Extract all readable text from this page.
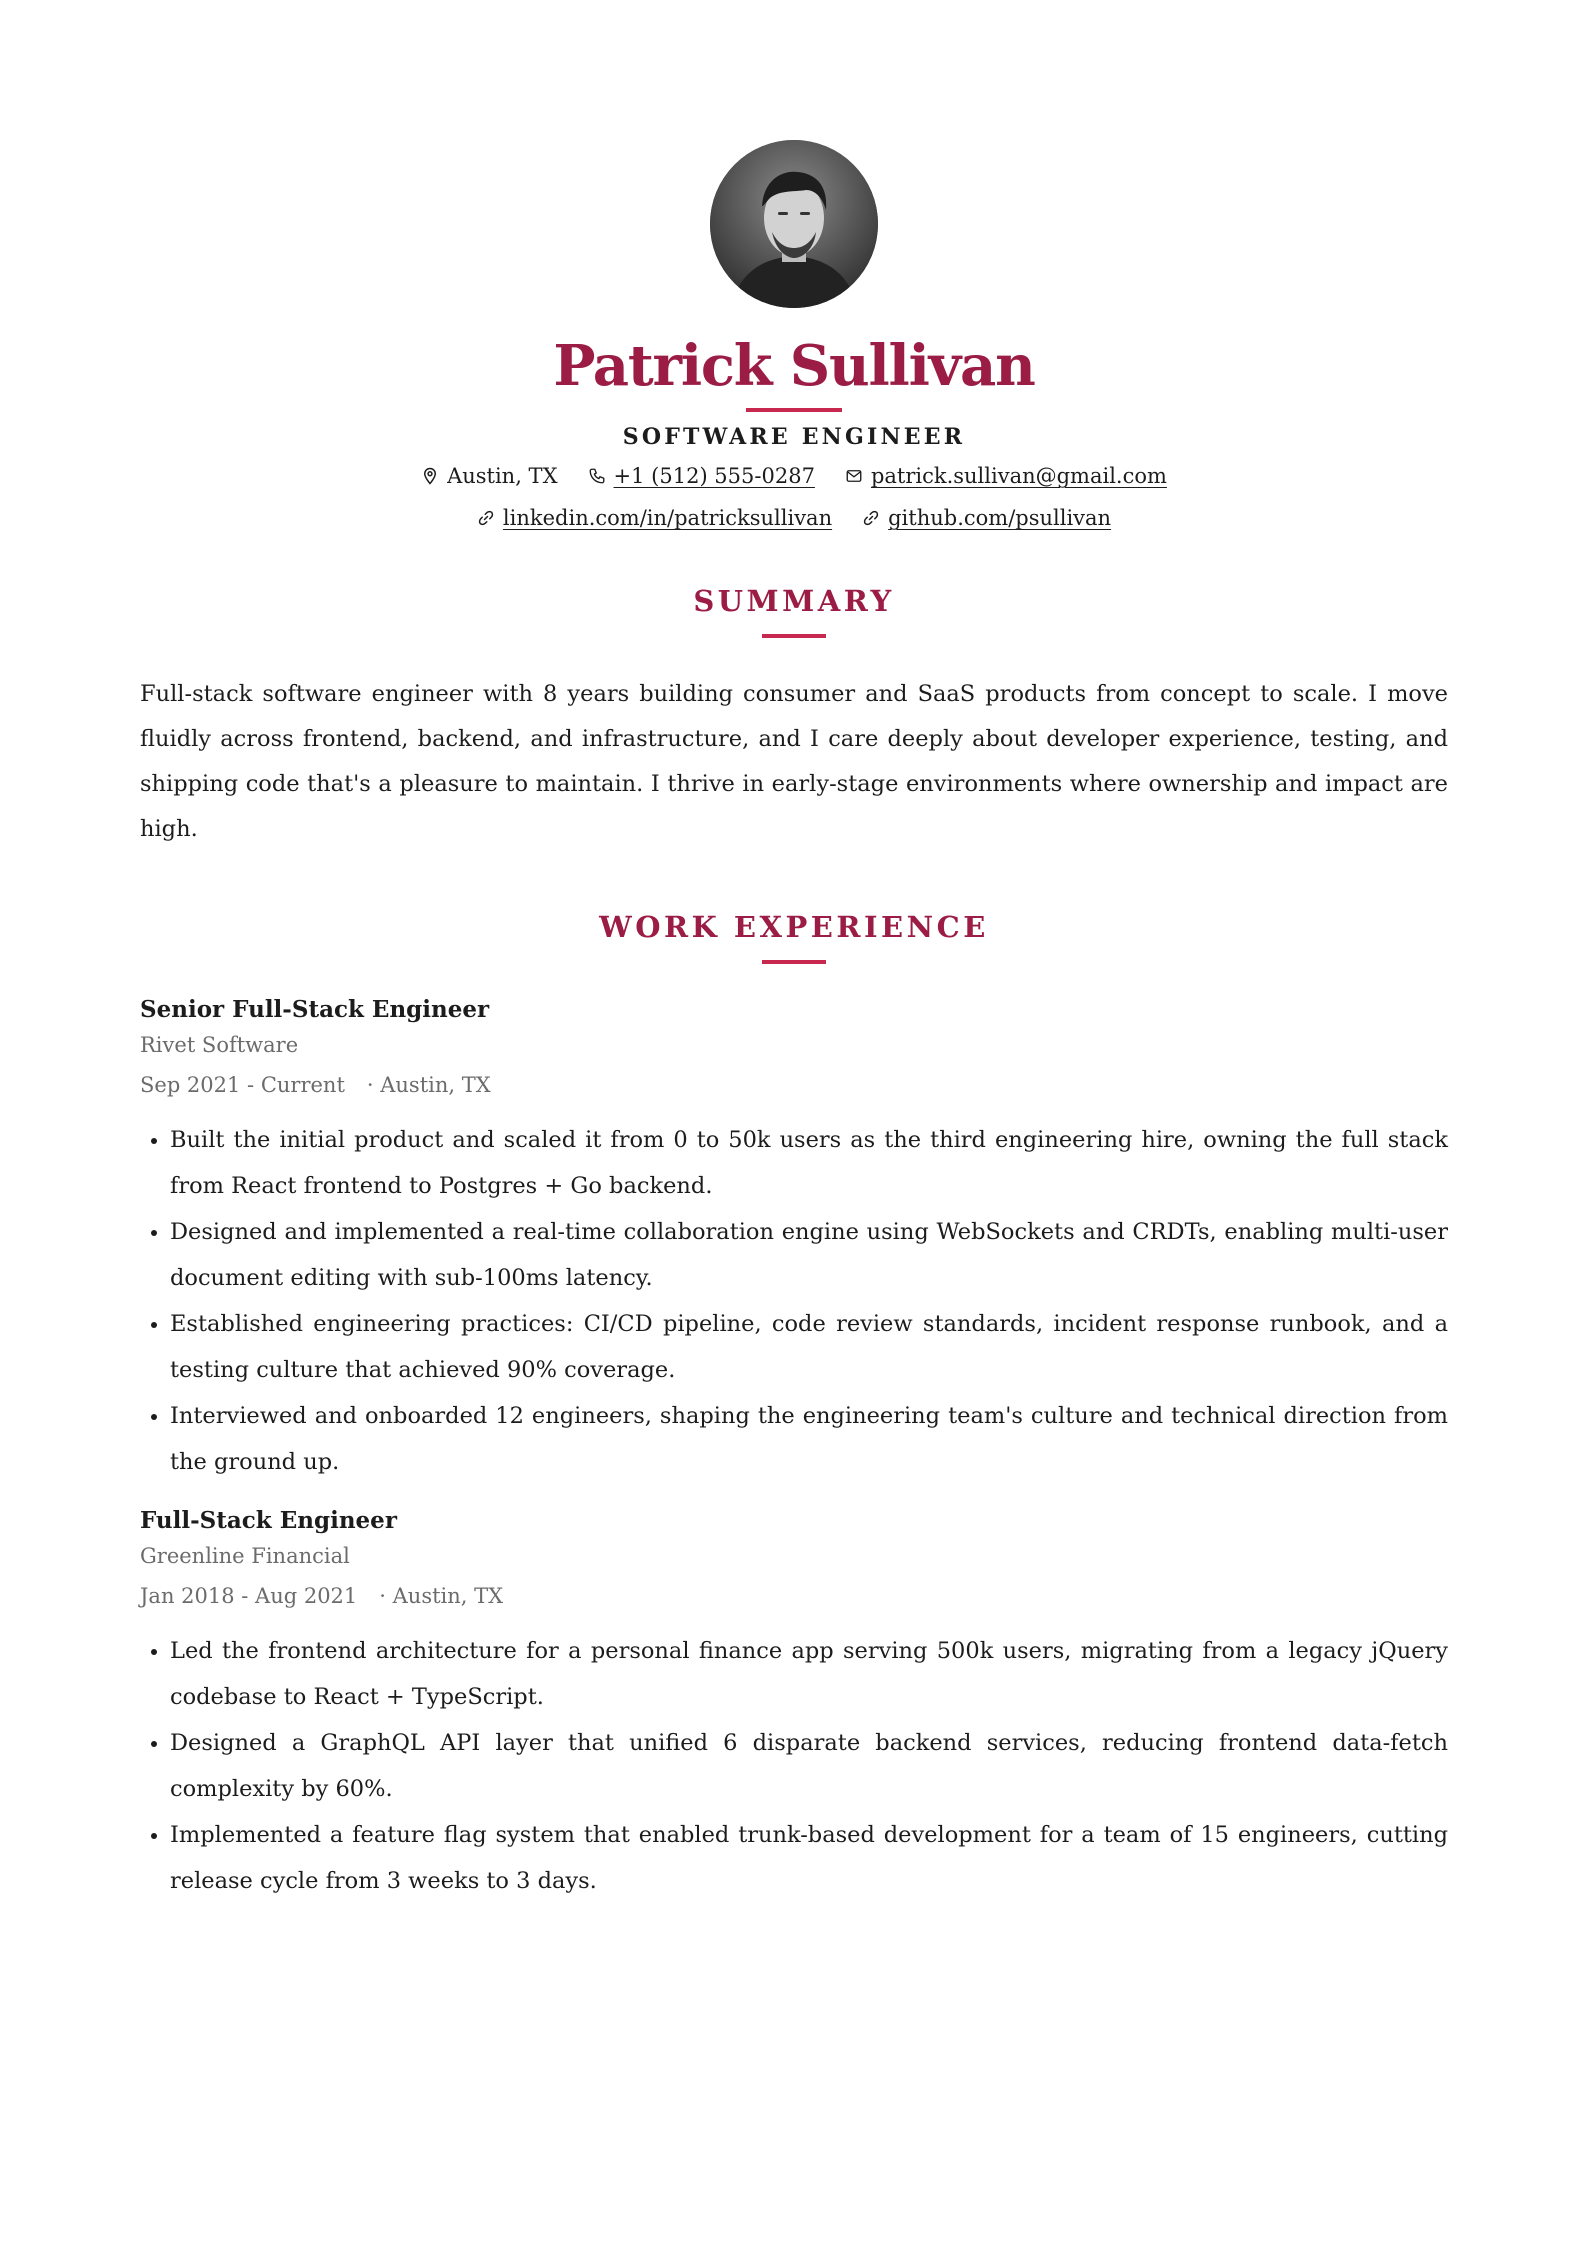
Patrick Sullivan
SOFTWARE ENGINEER
Austin, TX	+1 (512) 555-0287	patrick.sullivan@gmail.com
linkedin.com/in/patricksullivan	github.com/psullivan
SUMMARY
Full-stack software engineer with 8 years building consumer and SaaS products from concept to scale. I move fluidly across frontend, backend, and infrastructure, and I care deeply about developer experience, testing, and shipping code that's a pleasure to maintain. I thrive in early-stage environments where ownership and impact are high.
WORK EXPERIENCE
Senior Full-Stack Engineer
Rivet Software
Sep 2021 - Current · Austin, TX
• Built the initial product and scaled it from 0 to 50k users as the third engineering hire, owning the full stack from React frontend to Postgres + Go backend.
• Designed and implemented a real-time collaboration engine using WebSockets and CRDTs, enabling multi-user document editing with sub-100ms latency.
• Established engineering practices: CI/CD pipeline, code review standards, incident response runbook, and a testing culture that achieved 90% coverage.
• Interviewed and onboarded 12 engineers, shaping the engineering team's culture and technical direction from the ground up.
Full-Stack Engineer
Greenline Financial
Jan 2018 - Aug 2021 · Austin, TX
• Led the frontend architecture for a personal finance app serving 500k users, migrating from a legacy jQuery codebase to React + TypeScript.
• Designed a GraphQL API layer that unified 6 disparate backend services, reducing frontend data-fetch complexity by 60%.
• Implemented a feature flag system that enabled trunk-based development for a team of 15 engineers, cutting release cycle from 3 weeks to 3 days.
